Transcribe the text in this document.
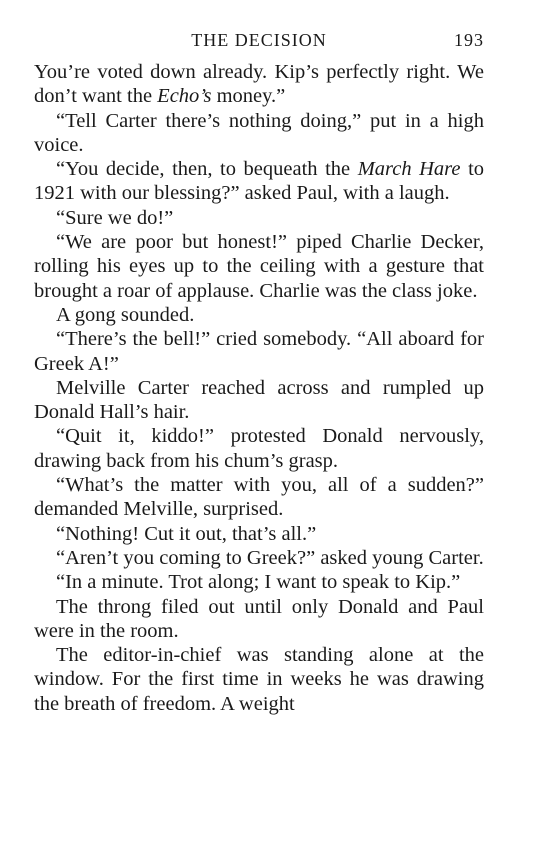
THE DECISION	193

You’re voted down already. Kip’s perfectly right. We don’t want the Echo’s money.”

“Tell Carter there’s nothing doing,” put in a high voice.

“You decide, then, to bequeath the March Hare to 1921 with our blessing?” asked Paul, with a laugh.

“Sure we do!”

“We are poor but honest!” piped Charlie Decker, rolling his eyes up to the ceiling with a gesture that brought a roar of applause. Charlie was the class joke.

A gong sounded.

“There’s the bell!” cried somebody. “All aboard for Greek A!”

Melville Carter reached across and rumpled up Donald Hall’s hair.

“Quit it, kiddo!” protested Donald nervously, drawing back from his chum’s grasp.

“What’s the matter with you, all of a sudden?” demanded Melville, surprised.

“Nothing! Cut it out, that’s all.”

“Aren’t you coming to Greek?” asked young Carter.

“In a minute. Trot along; I want to speak to Kip.”

The throng filed out until only Donald and Paul were in the room.

The editor-in-chief was standing alone at the window. For the first time in weeks he was drawing the breath of freedom. A weight
